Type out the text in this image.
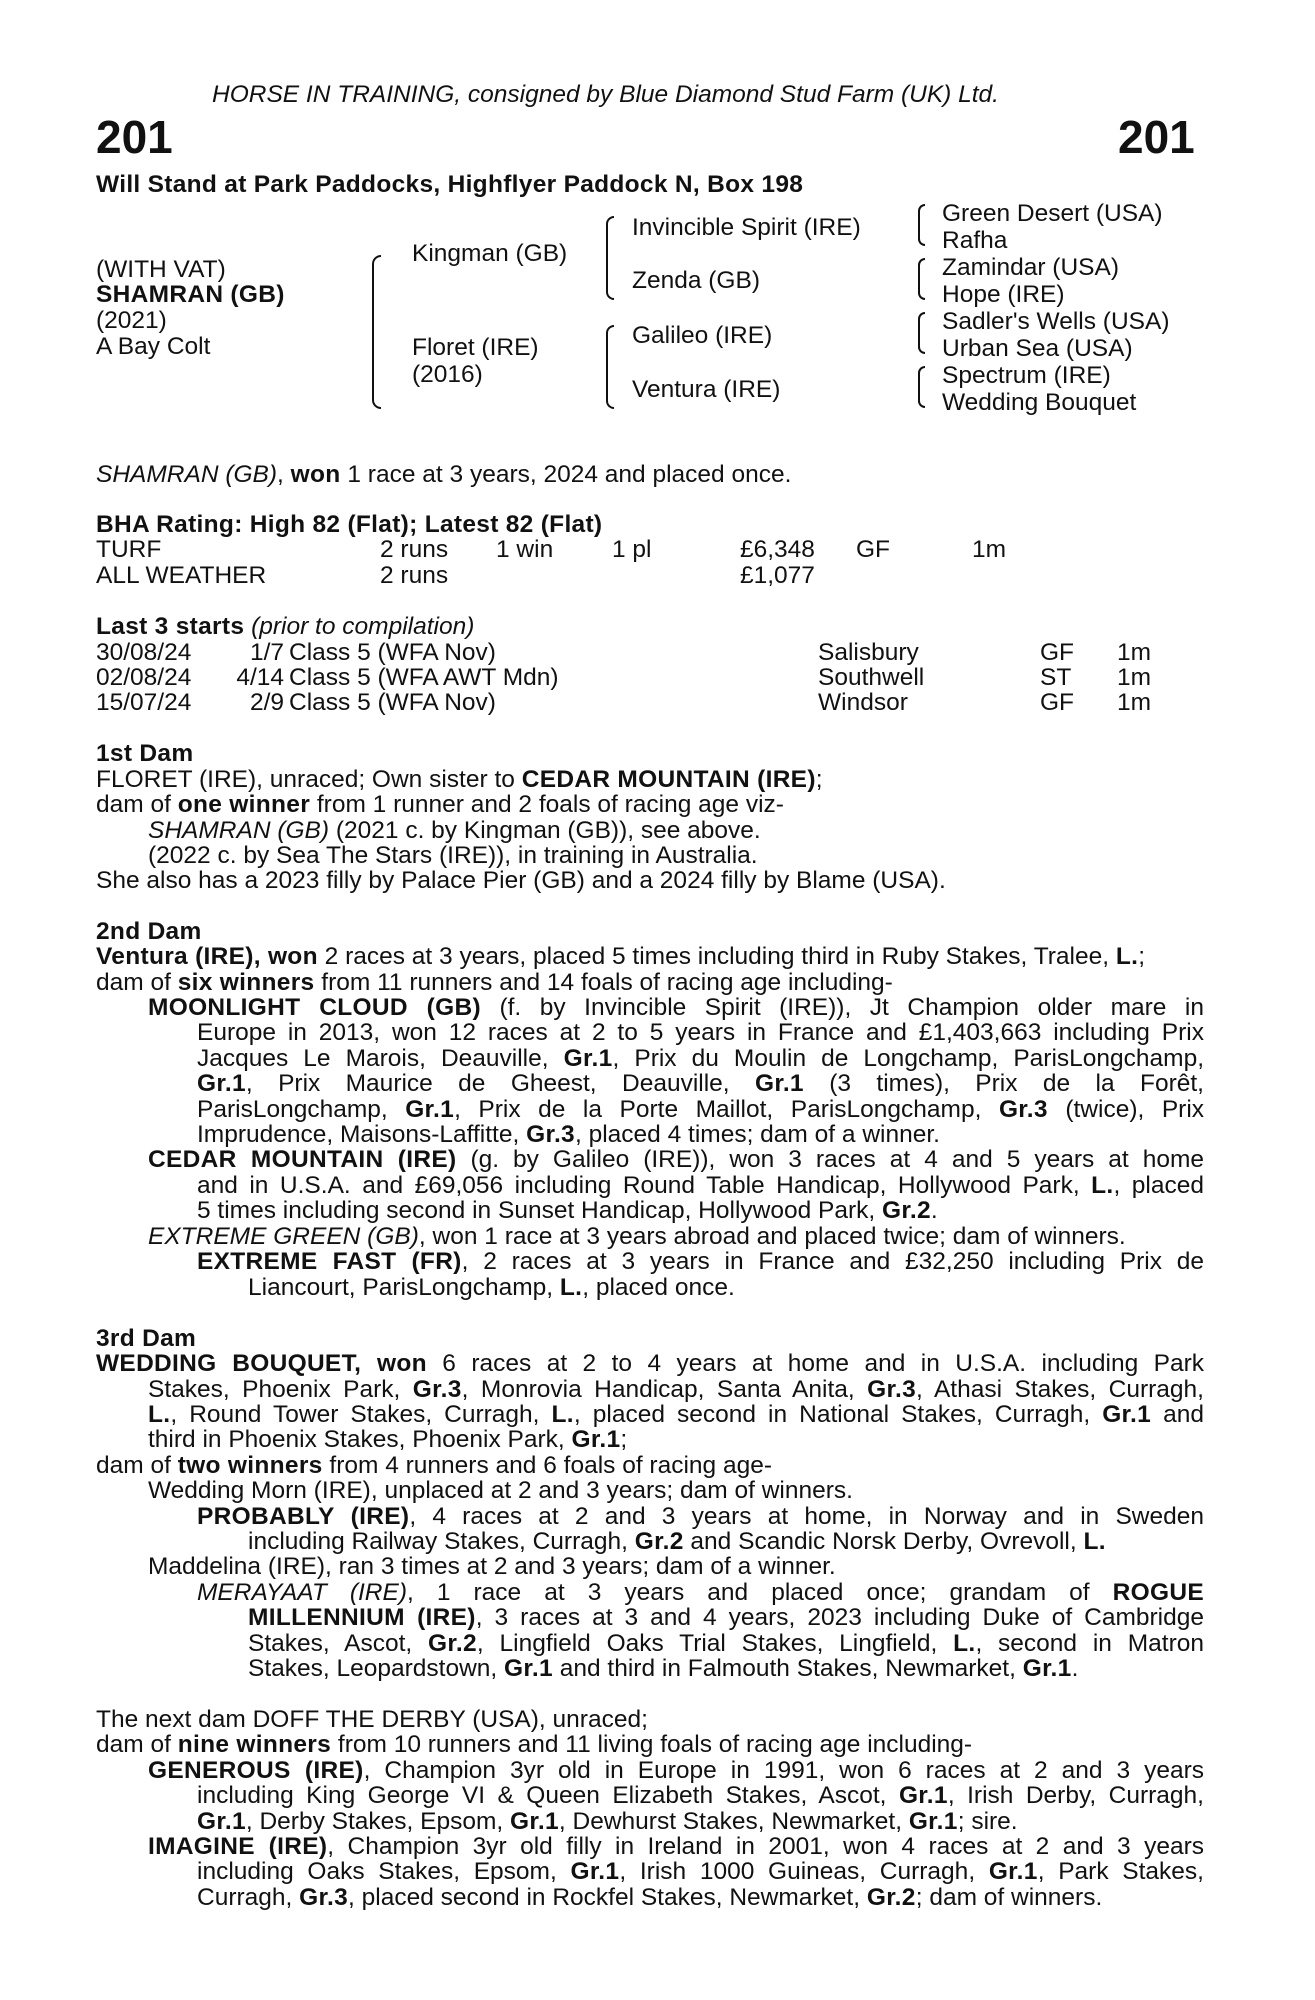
HORSE IN TRAINING, consigned by Blue Diamond Stud Farm (UK) Ltd.
201	201
Will Stand at Park Paddocks, Highflyer Paddock N, Box 198
(WITH VAT)
SHAMRAN (GB)
(2021)
A Bay Colt
Kingman (GB)
Floret (IRE)
(2016)
Invincible Spirit (IRE)
Zenda (GB)
Galileo (IRE)
Ventura (IRE)
Green Desert (USA)
Rafha
Zamindar (USA)
Hope (IRE)
Sadler's Wells (USA)
Urban Sea (USA)
Spectrum (IRE)
Wedding Bouquet
SHAMRAN (GB), won 1 race at 3 years, 2024 and placed once.
BHA Rating: High 82 (Flat); Latest 82 (Flat)
TURF	2 runs 1 win 1 pl	£6,348 GF	1m
ALL WEATHER	2 runs	£1,077
Last 3 starts (prior to compilation)
30/08/24	1/7 Class 5 (WFA Nov)	Salisbury	GF 1m
02/08/24	4/14 Class 5 (WFA AWT Mdn)	Southwell	ST 1m
15/07/24	2/9 Class 5 (WFA Nov)	Windsor	GF 1m
1st Dam
FLORET (IRE), unraced; Own sister to CEDAR MOUNTAIN (IRE);
dam of one winner from 1 runner and 2 foals of racing age viz-
SHAMRAN (GB) (2021 c. by Kingman (GB)), see above.
(2022 c. by Sea The Stars (IRE)), in training in Australia.
She also has a 2023 filly by Palace Pier (GB) and a 2024 filly by Blame (USA).
2nd Dam
Ventura (IRE), won 2 races at 3 years, placed 5 times including third in Ruby Stakes, Tralee, L.;
dam of six winners from 11 runners and 14 foals of racing age including-
MOONLIGHT CLOUD (GB) (f. by Invincible Spirit (IRE)), Jt Champion older mare in
Europe in 2013, won 12 races at 2 to 5 years in France and £1,403,663 including Prix
Jacques Le Marois, Deauville, Gr.1, Prix du Moulin de Longchamp, ParisLongchamp,
Gr.1, Prix Maurice de Gheest, Deauville, Gr.1 (3 times), Prix de la Forêt,
ParisLongchamp, Gr.1, Prix de la Porte Maillot, ParisLongchamp, Gr.3 (twice), Prix
Imprudence, Maisons-Laffitte, Gr.3, placed 4 times; dam of a winner.
CEDAR MOUNTAIN (IRE) (g. by Galileo (IRE)), won 3 races at 4 and 5 years at home
and in U.S.A. and £69,056 including Round Table Handicap, Hollywood Park, L., placed
5 times including second in Sunset Handicap, Hollywood Park, Gr.2.
EXTREME GREEN (GB), won 1 race at 3 years abroad and placed twice; dam of winners.
EXTREME FAST (FR), 2 races at 3 years in France and £32,250 including Prix de
Liancourt, ParisLongchamp, L., placed once.
3rd Dam
WEDDING BOUQUET, won 6 races at 2 to 4 years at home and in U.S.A. including Park
Stakes, Phoenix Park, Gr.3, Monrovia Handicap, Santa Anita, Gr.3, Athasi Stakes, Curragh,
L., Round Tower Stakes, Curragh, L., placed second in National Stakes, Curragh, Gr.1 and
third in Phoenix Stakes, Phoenix Park, Gr.1;
dam of two winners from 4 runners and 6 foals of racing age-
Wedding Morn (IRE), unplaced at 2 and 3 years; dam of winners.
PROBABLY (IRE), 4 races at 2 and 3 years at home, in Norway and in Sweden
including Railway Stakes, Curragh, Gr.2 and Scandic Norsk Derby, Ovrevoll, L.
Maddelina (IRE), ran 3 times at 2 and 3 years; dam of a winner.
MERAYAAT (IRE), 1 race at 3 years and placed once; grandam of ROGUE
MILLENNIUM (IRE), 3 races at 3 and 4 years, 2023 including Duke of Cambridge
Stakes, Ascot, Gr.2, Lingfield Oaks Trial Stakes, Lingfield, L., second in Matron
Stakes, Leopardstown, Gr.1 and third in Falmouth Stakes, Newmarket, Gr.1.
The next dam DOFF THE DERBY (USA), unraced;
dam of nine winners from 10 runners and 11 living foals of racing age including-
GENEROUS (IRE), Champion 3yr old in Europe in 1991, won 6 races at 2 and 3 years
including King George VI & Queen Elizabeth Stakes, Ascot, Gr.1, Irish Derby, Curragh,
Gr.1, Derby Stakes, Epsom, Gr.1, Dewhurst Stakes, Newmarket, Gr.1; sire.
IMAGINE (IRE), Champion 3yr old filly in Ireland in 2001, won 4 races at 2 and 3 years
including Oaks Stakes, Epsom, Gr.1, Irish 1000 Guineas, Curragh, Gr.1, Park Stakes,
Curragh, Gr.3, placed second in Rockfel Stakes, Newmarket, Gr.2; dam of winners.
